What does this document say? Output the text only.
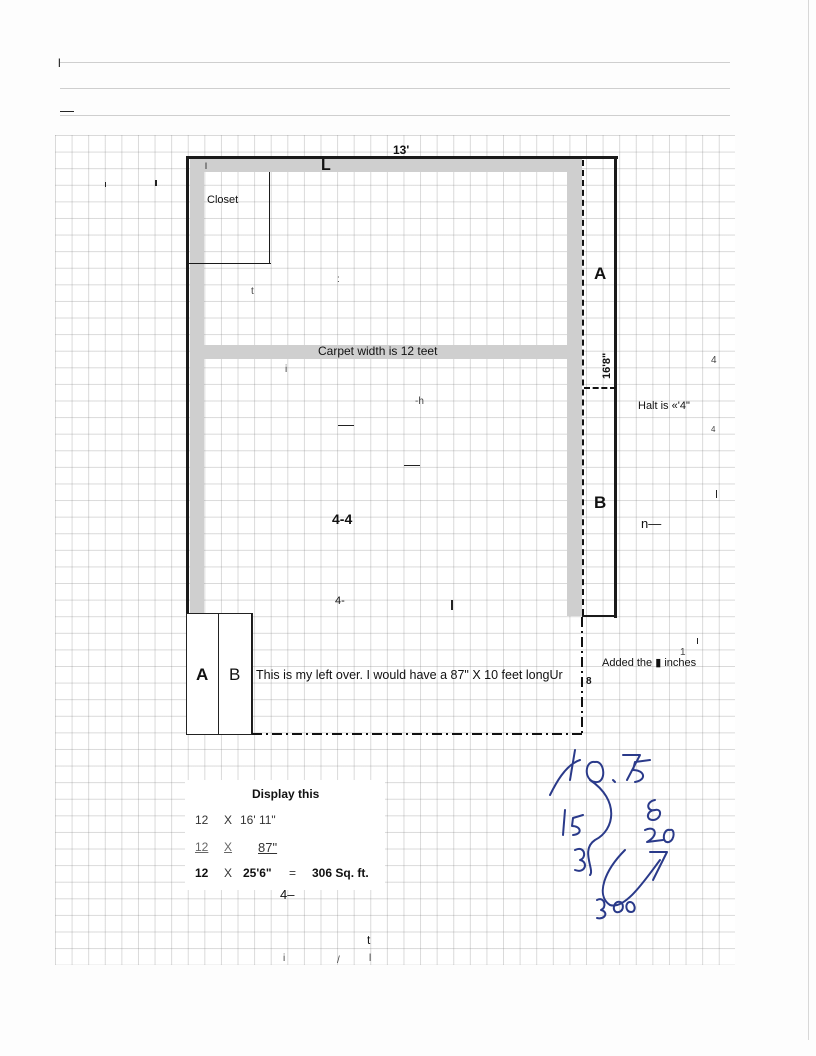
l
—
13'
L
l
Closet
Carpet width is 12 teet
A
B
16'8"
Halt is «'4"
4-4
4-
-h
:
t
i
n—
4
4
A B This is my left over. I would have a 87" X 10 feet longUr 8
Added the ▮ inches
1
Display this
12 X 16' 11"
12 X 87"
12 X 25'6" = 306 Sq. ft.
4–
t
i	/	l
